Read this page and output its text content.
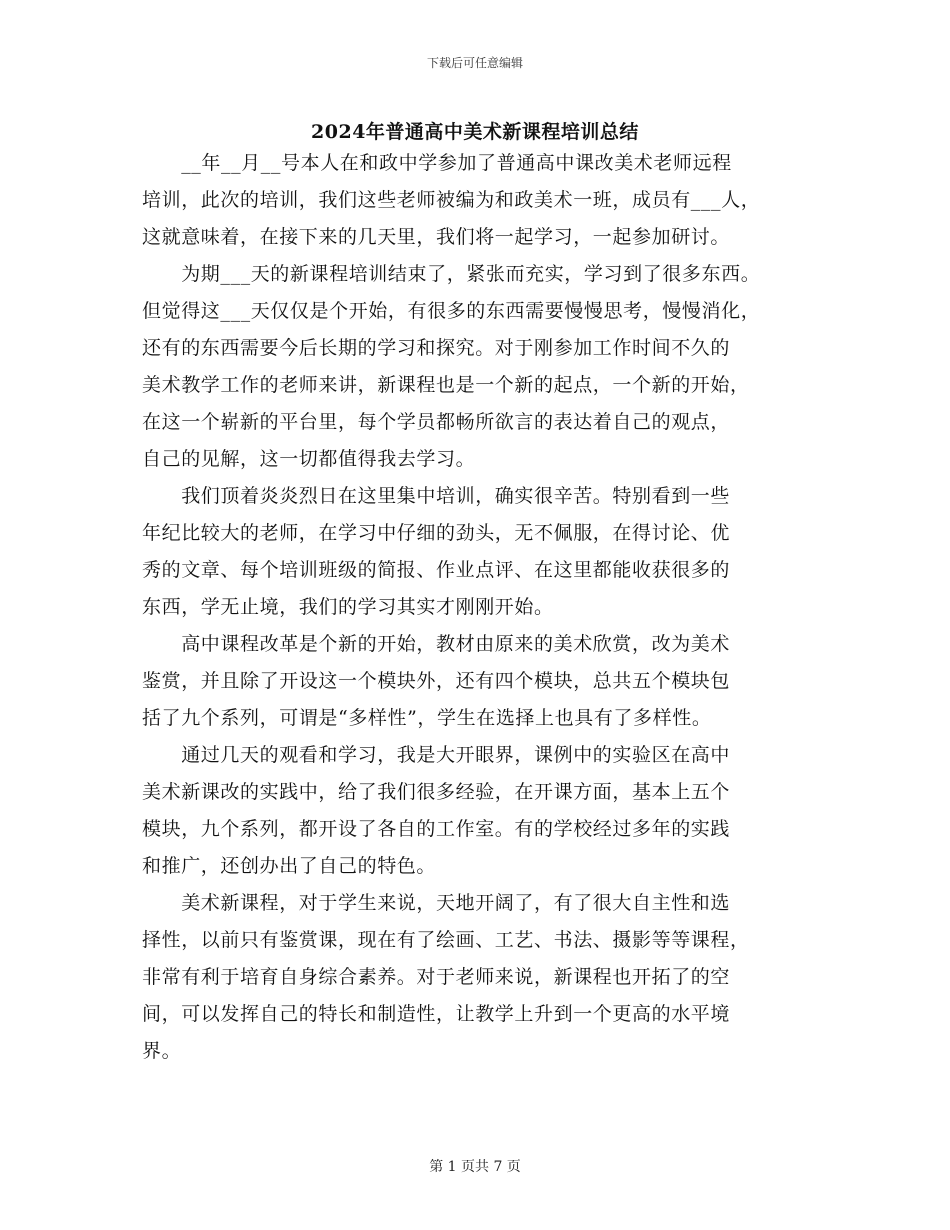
下载后可任意编辑
2024年普通高中美术新课程培训总结
　　__年__月__号本人在和政中学参加了普通高中课改美术老师远程
培训，此次的培训，我们这些老师被编为和政美术一班，成员有___人，
这就意味着，在接下来的几天里，我们将一起学习，一起参加研讨。
　　为期___天的新课程培训结束了，紧张而充实，学习到了很多东西。
但觉得这___天仅仅是个开始，有很多的东西需要慢慢思考，慢慢消化，
还有的东西需要今后长期的学习和探究。对于刚参加工作时间不久的
美术教学工作的老师来讲，新课程也是一个新的起点，一个新的开始，
在这一个崭新的平台里，每个学员都畅所欲言的表达着自己的观点，
自己的见解，这一切都值得我去学习。
　　我们顶着炎炎烈日在这里集中培训，确实很辛苦。特别看到一些
年纪比较大的老师，在学习中仔细的劲头，无不佩服，在得讨论、优
秀的文章、每个培训班级的简报、作业点评、在这里都能收获很多的
东西，学无止境，我们的学习其实才刚刚开始。
　　高中课程改革是个新的开始，教材由原来的美术欣赏，改为美术
鉴赏，并且除了开设这一个模块外，还有四个模块，总共五个模块包
括了九个系列，可谓是“多样性”，学生在选择上也具有了多样性。
　　通过几天的观看和学习，我是大开眼界，课例中的实验区在高中
美术新课改的实践中，给了我们很多经验，在开课方面，基本上五个
模块，九个系列，都开设了各自的工作室。有的学校经过多年的实践
和推广，还创办出了自己的特色。
　　美术新课程，对于学生来说，天地开阔了，有了很大自主性和选
择性，以前只有鉴赏课，现在有了绘画、工艺、书法、摄影等等课程，
非常有利于培育自身综合素养。对于老师来说，新课程也开拓了的空
间，可以发挥自己的特长和制造性，让教学上升到一个更高的水平境
界。
第 1 页共 7 页
